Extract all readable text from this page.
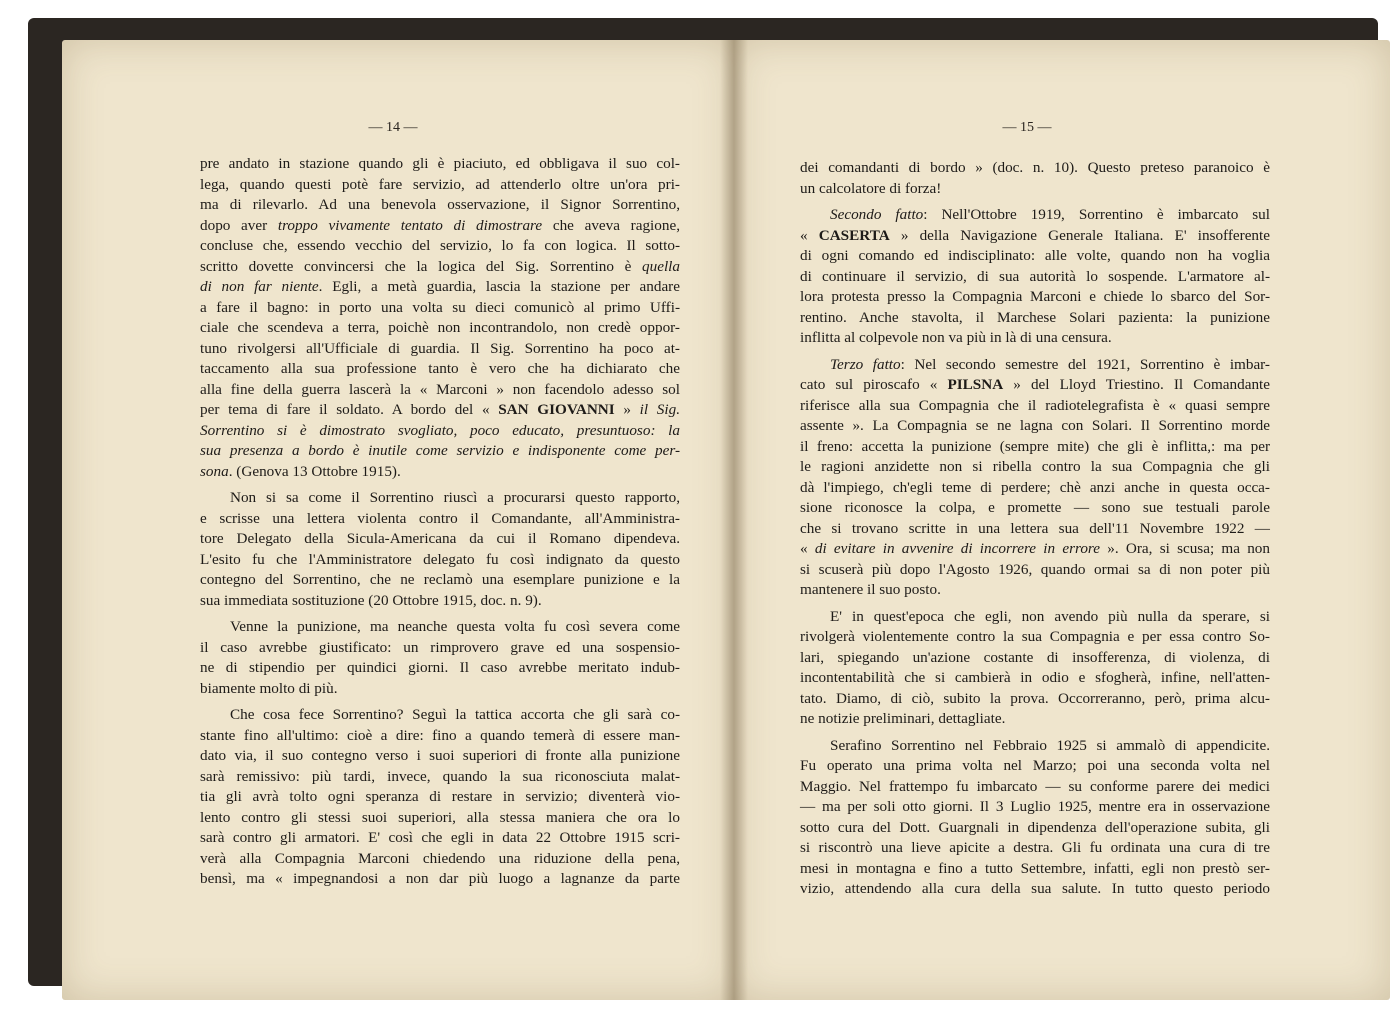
— 14 —
pre andato in stazione quando gli è piaciuto, ed obbligava il suo col-
lega, quando questi potè fare servizio, ad attenderlo oltre un'ora pri-
ma di rilevarlo. Ad una benevola osservazione, il Signor Sorrentino,
dopo aver troppo vivamente tentato di dimostrare che aveva ragione,
concluse che, essendo vecchio del servizio, lo fa con logica. Il sotto-
scritto dovette convincersi che la logica del Sig. Sorrentino è quella
di non far niente. Egli, a metà guardia, lascia la stazione per andare
a fare il bagno: in porto una volta su dieci comunicò al primo Uffi-
ciale che scendeva a terra, poichè non incontrandolo, non credè oppor-
tuno rivolgersi all'Ufficiale di guardia. Il Sig. Sorrentino ha poco at-
taccamento alla sua professione tanto è vero che ha dichiarato che
alla fine della guerra lascerà la « Marconi » non facendolo adesso sol
per tema di fare il soldato. A bordo del « SAN GIOVANNI » il Sig.
Sorrentino si è dimostrato svogliato, poco educato, presuntuoso: la
sua presenza a bordo è inutile come servizio e indisponente come per-
sona. (Genova 13 Ottobre 1915).
Non si sa come il Sorrentino riuscì a procurarsi questo rapporto,
e scrisse una lettera violenta contro il Comandante, all'Amministra-
tore Delegato della Sicula-Americana da cui il Romano dipendeva.
L'esito fu che l'Amministratore delegato fu così indignato da questo
contegno del Sorrentino, che ne reclamò una esemplare punizione e la
sua immediata sostituzione (20 Ottobre 1915, doc. n. 9).
Venne la punizione, ma neanche questa volta fu così severa come
il caso avrebbe giustificato: un rimprovero grave ed una sospensio-
ne di stipendio per quindici giorni. Il caso avrebbe meritato indub-
biamente molto di più.
Che cosa fece Sorrentino? Seguì la tattica accorta che gli sarà co-
stante fino all'ultimo: cioè a dire: fino a quando temerà di essere man-
dato via, il suo contegno verso i suoi superiori di fronte alla punizione
sarà remissivo: più tardi, invece, quando la sua riconosciuta malat-
tia gli avrà tolto ogni speranza di restare in servizio; diventerà vio-
lento contro gli stessi suoi superiori, alla stessa maniera che ora lo
sarà contro gli armatori. E' così che egli in data 22 Ottobre 1915 scri-
verà alla Compagnia Marconi chiedendo una riduzione della pena,
bensì, ma « impegnandosi a non dar più luogo a lagnanze da parte
— 15 —
dei comandanti di bordo » (doc. n. 10). Questo preteso paranoico è
un calcolatore di forza!
Secondo fatto: Nell'Ottobre 1919, Sorrentino è imbarcato sul
« CASERTA » della Navigazione Generale Italiana. E' insofferente
di ogni comando ed indisciplinato: alle volte, quando non ha voglia
di continuare il servizio, di sua autorità lo sospende. L'armatore al-
lora protesta presso la Compagnia Marconi e chiede lo sbarco del Sor-
rentino. Anche stavolta, il Marchese Solari pazienta: la punizione
inflitta al colpevole non va più in là di una censura.
Terzo fatto: Nel secondo semestre del 1921, Sorrentino è imbar-
cato sul piroscafo « PILSNA » del Lloyd Triestino. Il Comandante
riferisce alla sua Compagnia che il radiotelegrafista è « quasi sempre
assente ». La Compagnia se ne lagna con Solari. Il Sorrentino morde
il freno: accetta la punizione (sempre mite) che gli è inflitta,: ma per
le ragioni anzidette non si ribella contro la sua Compagnia che gli
dà l'impiego, ch'egli teme di perdere; chè anzi anche in questa occa-
sione riconosce la colpa, e promette — sono sue testuali parole
che si trovano scritte in una lettera sua dell'11 Novembre 1922 —
« di evitare in avvenire di incorrere in errore ». Ora, si scusa; ma non
si scuserà più dopo l'Agosto 1926, quando ormai sa di non poter più
mantenere il suo posto.
E' in quest'epoca che egli, non avendo più nulla da sperare, si
rivolgerà violentemente contro la sua Compagnia e per essa contro So-
lari, spiegando un'azione costante di insofferenza, di violenza, di
incontentabilità che si cambierà in odio e sfogherà, infine, nell'atten-
tato. Diamo, di ciò, subito la prova. Occorreranno, però, prima alcu-
ne notizie preliminari, dettagliate.
Serafino Sorrentino nel Febbraio 1925 si ammalò di appendicite.
Fu operato una prima volta nel Marzo; poi una seconda volta nel
Maggio. Nel frattempo fu imbarcato — su conforme parere dei medici
— ma per soli otto giorni. Il 3 Luglio 1925, mentre era in osservazione
sotto cura del Dott. Guargnali in dipendenza dell'operazione subita, gli
si riscontrò una lieve apicite a destra. Gli fu ordinata una cura di tre
mesi in montagna e fino a tutto Settembre, infatti, egli non prestò ser-
vizio, attendendo alla cura della sua salute. In tutto questo periodo
